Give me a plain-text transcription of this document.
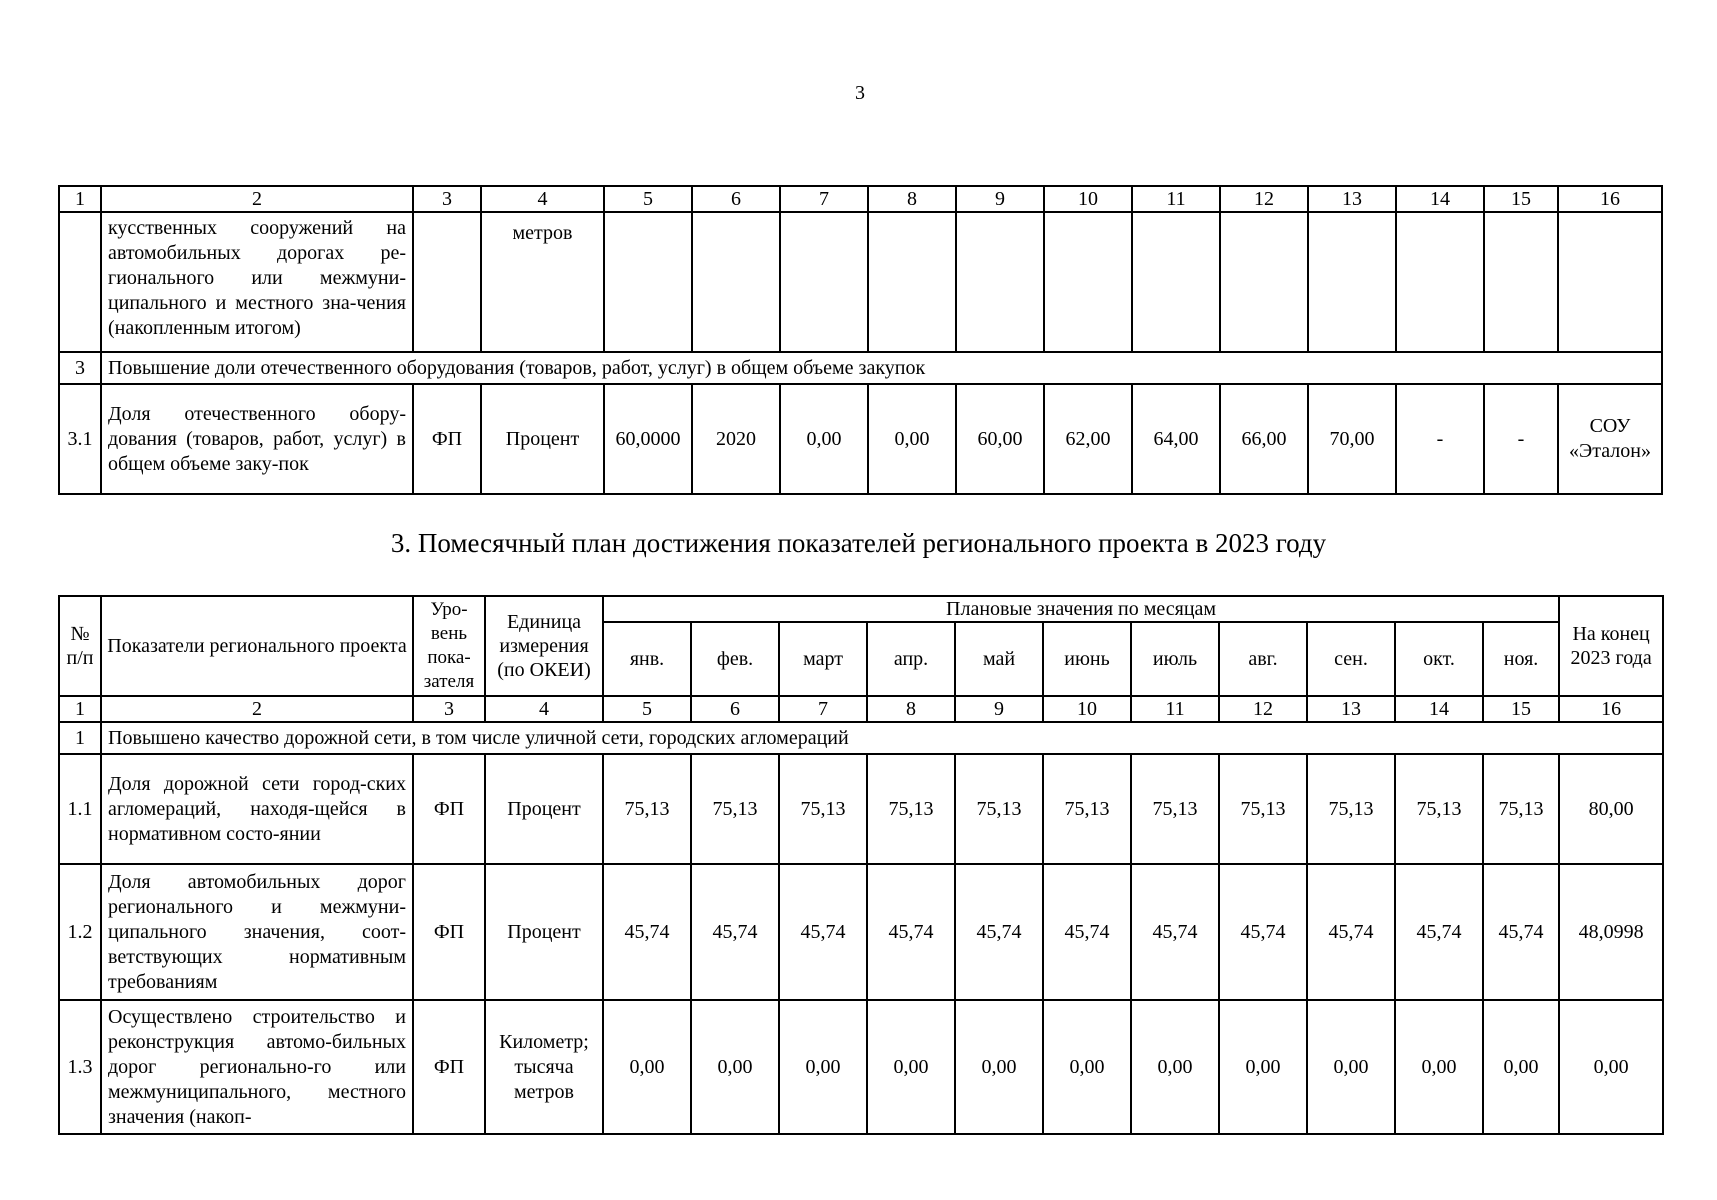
3
1	2	3	4	5	6	7	8	9	10	11	12	13	14	15	16
	кусственных сооружений на автомобильных дорогах ре-гионального или межмуни-ципального и местного зна-чения (накопленным итогом)		метров												
3	Повышение доли отечественного оборудования (товаров, работ, услуг) в общем объеме закупок														
3.1	Доля отечественного обору-дования (товаров, работ, услуг) в общем объеме заку-пок	ФП	Процент	60,0000	2020	0,00	0,00	60,00	62,00	64,00	66,00	70,00	-	-	СОУ «Эталон»
3. Помесячный план достижения показателей регионального проекта в 2023 году
№ п/п	Показатели регионального проекта	Уро-вень пока-зателя	Единица измерения (по ОКЕИ)	Плановые значения по месяцам											На конец 2023 года
				янв.	фев.	март	апр.	май	июнь	июль	авг.	сен.	окт.	ноя.	
1	2	3	4	5	6	7	8	9	10	11	12	13	14	15	16
1	Повышено качество дорожной сети, в том числе уличной сети, городских агломераций														
1.1	Доля дорожной сети город-ских агломераций, находя-щейся в нормативном состо-янии	ФП	Процент	75,13	75,13	75,13	75,13	75,13	75,13	75,13	75,13	75,13	75,13	75,13	80,00
1.2	Доля автомобильных дорог регионального и межмуни-ципального значения, соот-ветствующих нормативным требованиям	ФП	Процент	45,74	45,74	45,74	45,74	45,74	45,74	45,74	45,74	45,74	45,74	45,74	48,0998
1.3	Осуществлено строительство и реконструкция автомо-бильных дорог регионально-го или межмуниципального, местного значения (накоп-	ФП	Километр; тысяча метров	0,00	0,00	0,00	0,00	0,00	0,00	0,00	0,00	0,00	0,00	0,00	0,00
